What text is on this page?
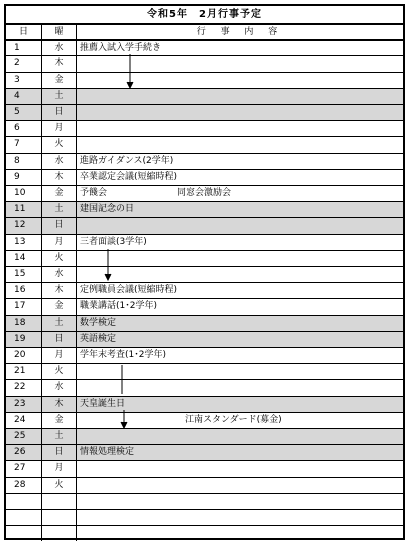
令和5年　2月行事予定
日	曜	行 事 内 容
1	水	推薦入試入学手続き
2	木
3	金
4	土
5	日
6	月
7	火
8	水	進路ガイダンス(2学年)
9	木	卒業認定会議(短縮時程)
10	金	予餞会	同窓会激励会
11	土	建国記念の日
12	日
13	月	三者面談(3学年)
14	火
15	水
16	木	定例職員会議(短縮時程)
17	金	職業講話(1･2学年)
18	土	数学検定
19	日	英語検定
20	月	学年末考査(1･2学年)
21	火
22	水
23	木	天皇誕生日
24	金	江南スタンダード(募金)
25	土
26	日	情報処理検定
27	月
28	火
